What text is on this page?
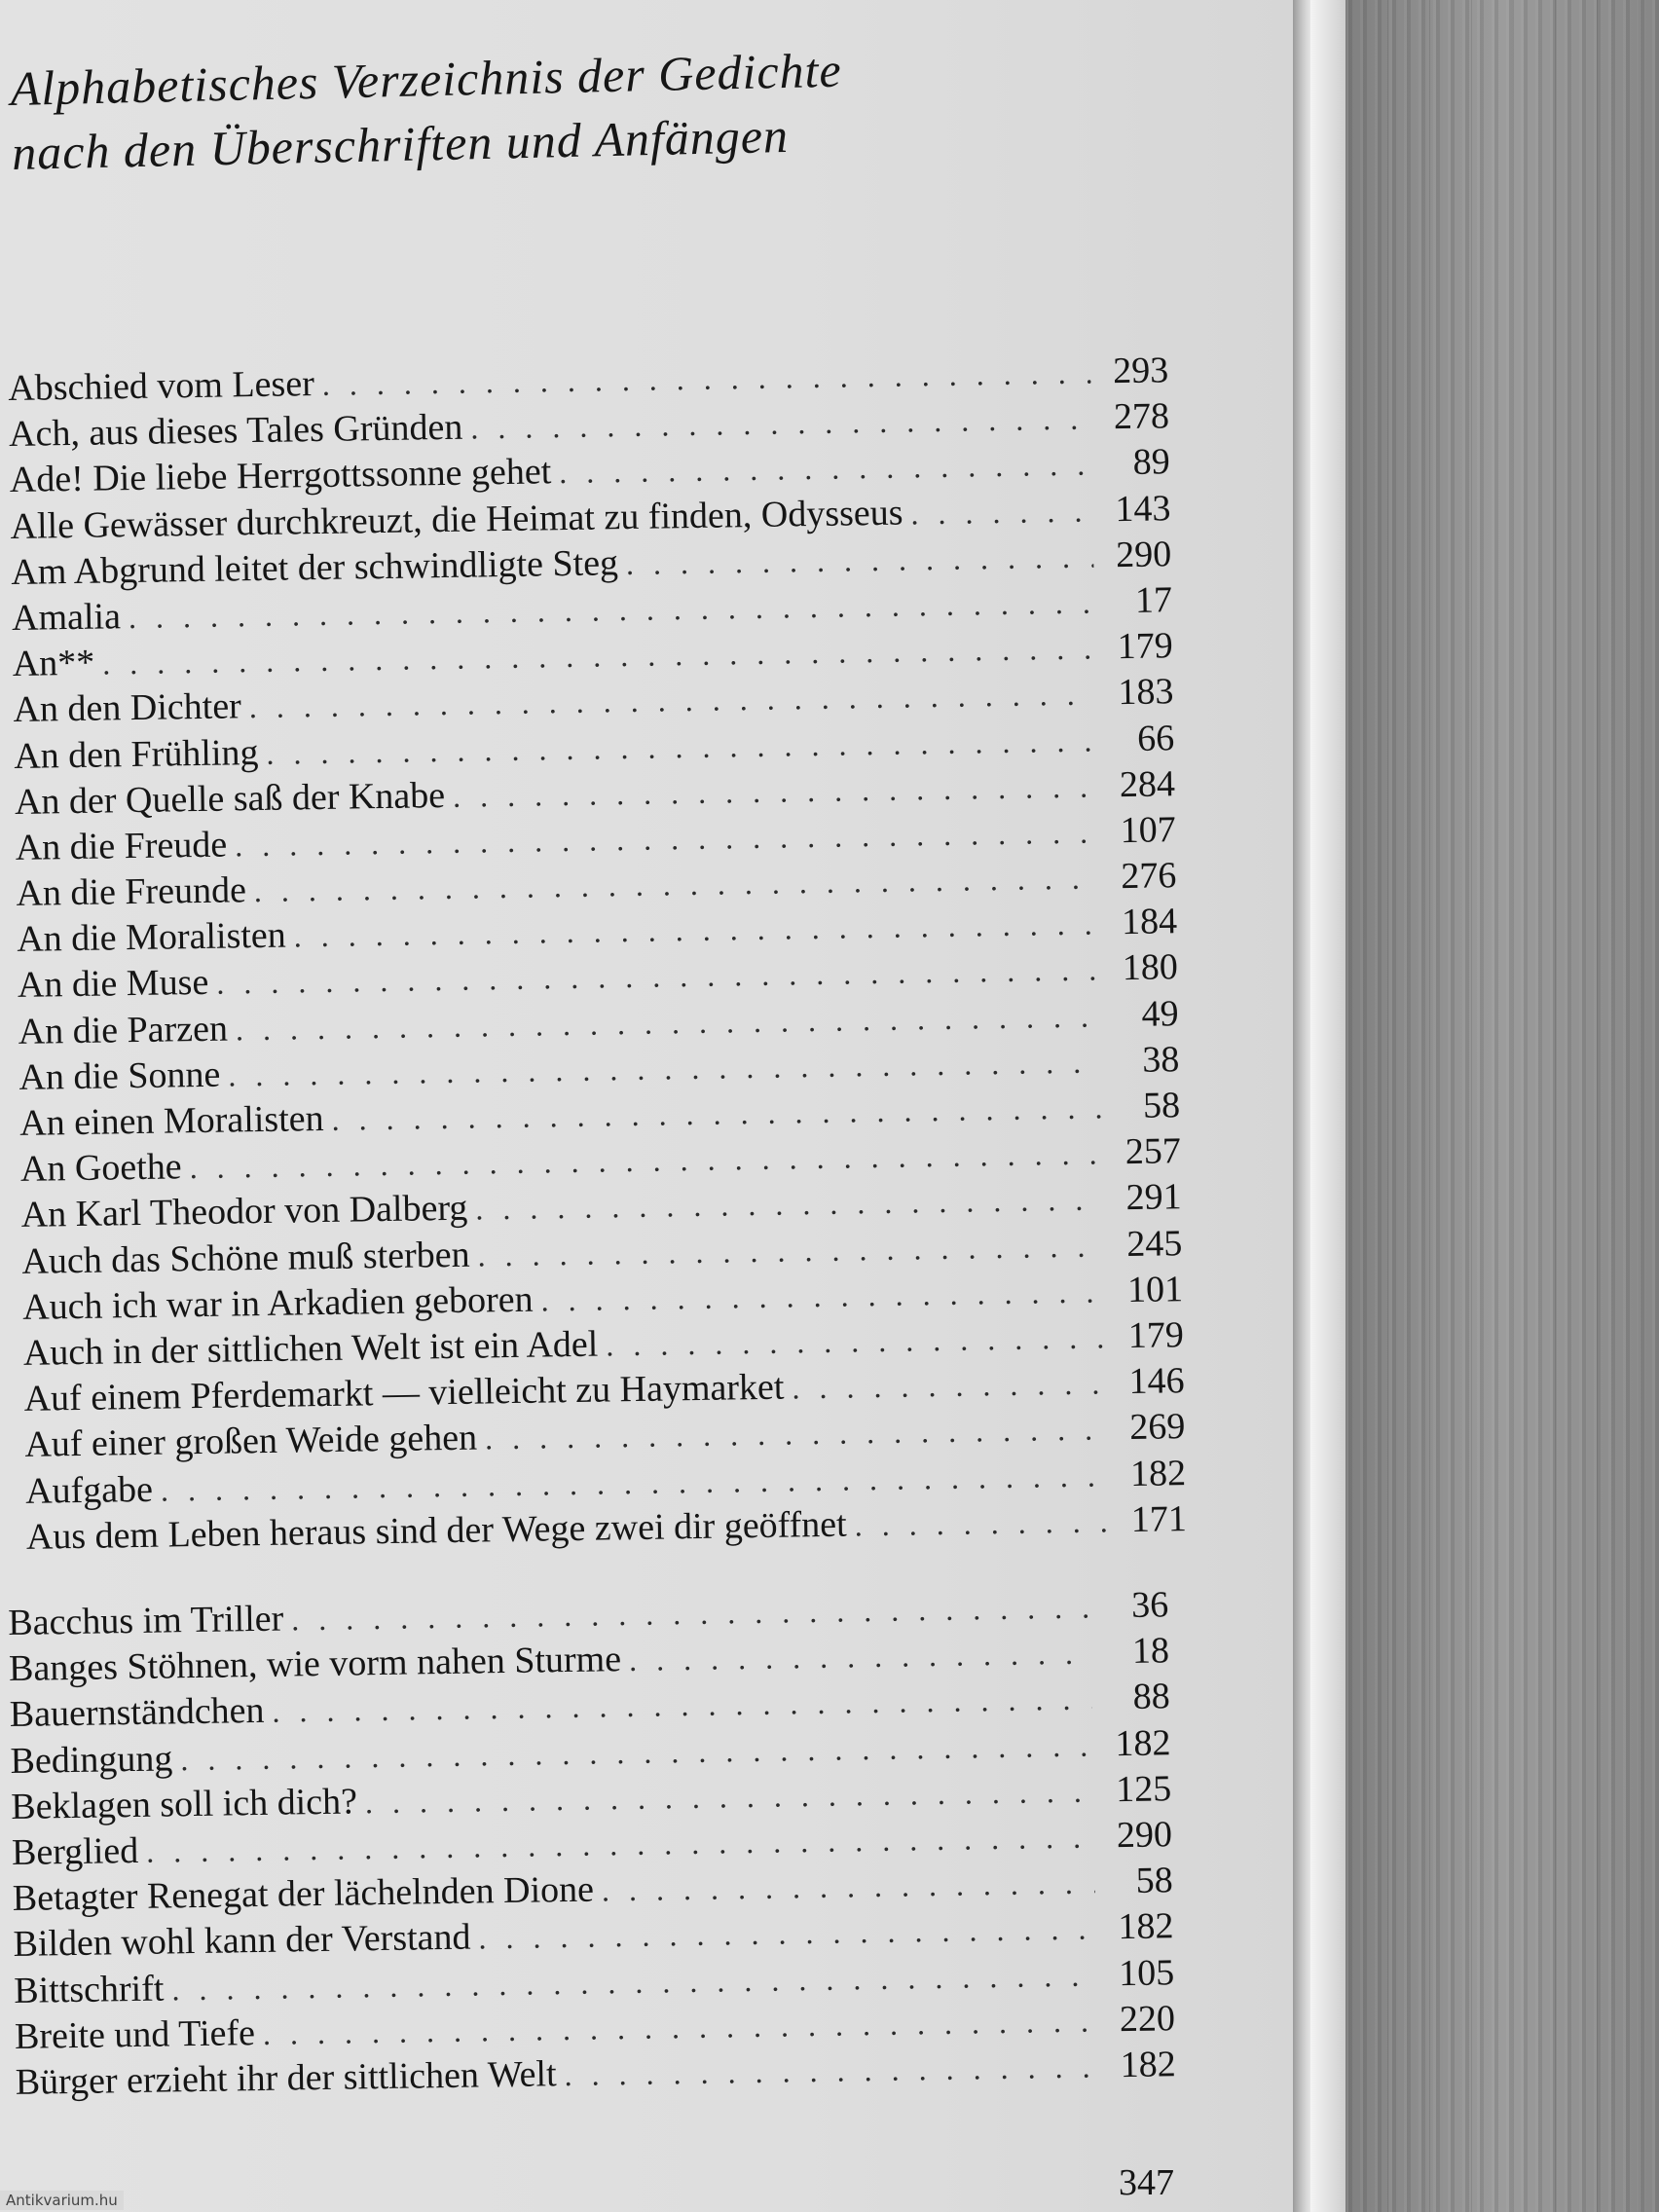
Alphabetisches Verzeichnis der Gedichte
nach den Überschriften und Anfängen
Abschied vom Leser . . .	293
Ach, aus dieses Tales Gründen . . .	278
Ade! Die liebe Herrgottssonne gehet . . .	89
Alle Gewässer durchkreuzt, die Heimat zu finden, Odysseus . . .	143
Am Abgrund leitet der schwindligte Steg . . .	290
Amalia . . .	17
An** . . .	179
An den Dichter . . .	183
An den Frühling . . .	66
An der Quelle saß der Knabe . . .	284
An die Freude . . .	107
An die Freunde . . .	276
An die Moralisten . . .	184
An die Muse . . .	180
An die Parzen . . .	49
An die Sonne . . .	38
An einen Moralisten . . .	58
An Goethe . . .	257
An Karl Theodor von Dalberg . . .	291
Auch das Schöne muß sterben . . .	245
Auch ich war in Arkadien geboren . . .	101
Auch in der sittlichen Welt ist ein Adel . . .	179
Auf einem Pferdemarkt — vielleicht zu Haymarket . . .	146
Auf einer großen Weide gehen . . .	269
Aufgabe . . .	182
Aus dem Leben heraus sind der Wege zwei dir geöffnet . . .	171
Bacchus im Triller . . .	36
Banges Stöhnen, wie vorm nahen Sturme . . .	18
Bauernständchen . . .	88
Bedingung . . .	182
Beklagen soll ich dich? . . .	125
Berglied . . .	290
Betagter Renegat der lächelnden Dione . . .	58
Bilden wohl kann der Verstand . . .	182
Bittschrift . . .	105
Breite und Tiefe . . .	220
Bürger erzieht ihr der sittlichen Welt . . .	182
347
Antikvarium.hu
